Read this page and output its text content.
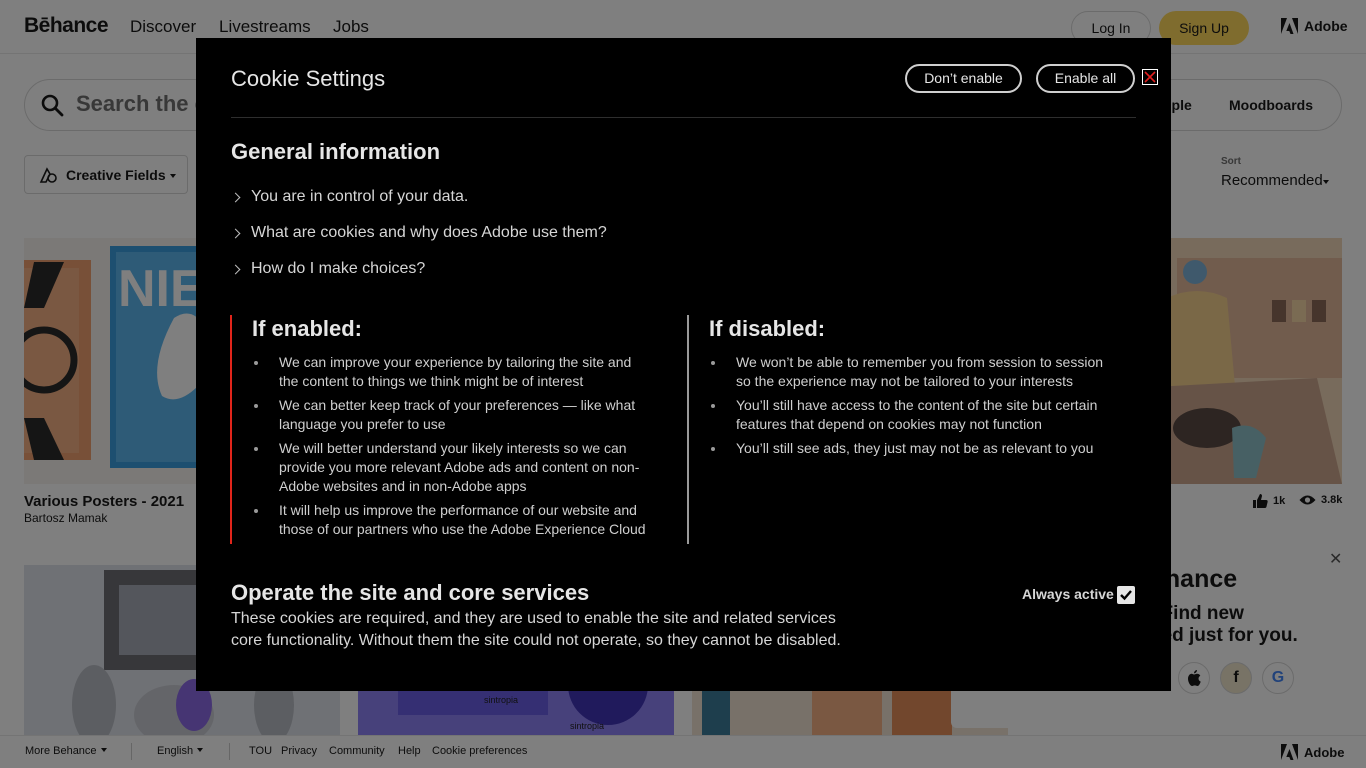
Cookie Settings	Don’t enable	Enable all
General information
You are in control of your data.
What are cookies and why does Adobe use them?
How do I make choices?
If enabled:
We can improve your experience by tailoring the site and the content to things we think might be of interest
We can better keep track of your preferences — like what language you prefer to use
We will better understand your likely interests so we can provide you more relevant Adobe ads and content on non-Adobe websites and in non-Adobe apps
It will help us improve the performance of our website and those of our partners who use the Adobe Experience Cloud
If disabled:
We won’t be able to remember you from session to session so the experience may not be tailored to your interests
You’ll still have access to the content of the site but certain features that depend on cookies may not function
You’ll still see ads, they just may not be as relevant to you
Operate the site and core services
These cookies are required, and they are used to enable the site and related services core functionality. Without them the site could not operate, so they cannot be disabled.
Always active
